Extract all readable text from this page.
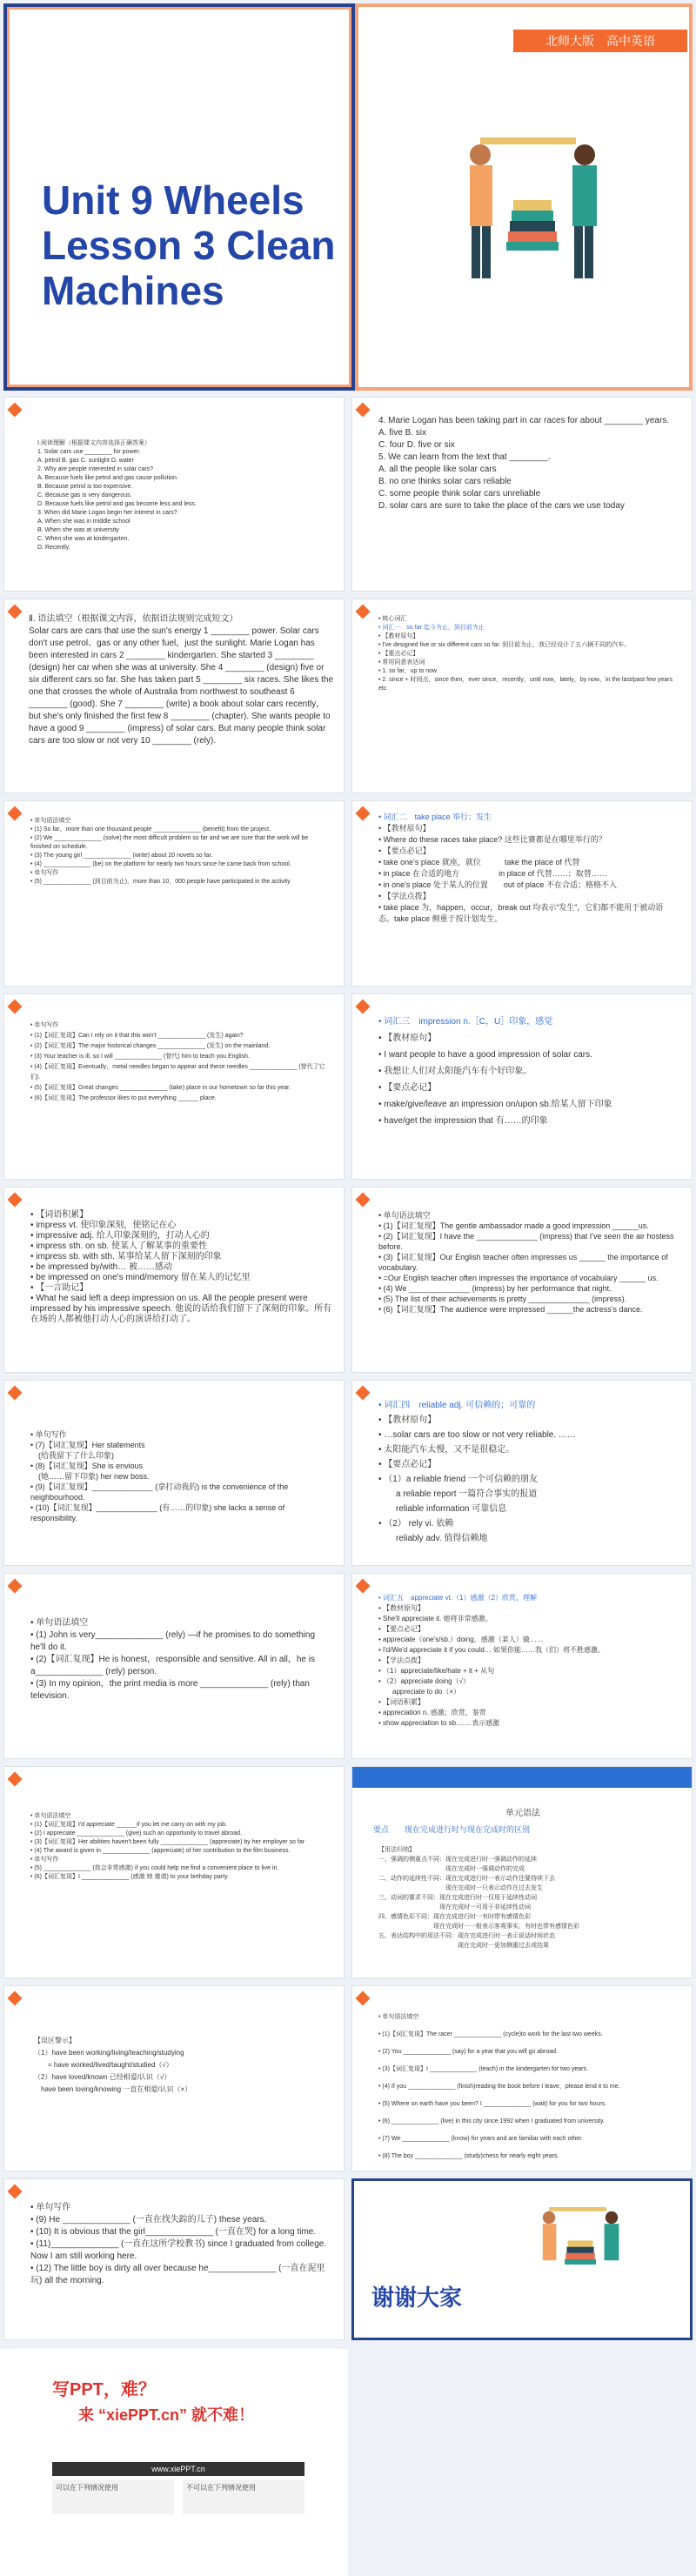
Unit 9 Wheels
Lesson 3 Clean
Machines
北师大版　高中英语
Ⅰ.阅读理解（根据课文内容选择正确答案）
1. Solar cars use ________ for power.
A. petrol B. gas C. sunlight D. water
2. Why are people interested in solar cars?
A. Because fuels like petrol and gas cause pollution.
B. Because petrol is too expensive.
C. Because gas is very dangerous.
D. Because fuels like petrol and gas become less and less.
3. When did Marie Logan begin her interest in cars?
A. When she was in middle school
B. When she was at university
C. When she was at kindergarten.
D. Recently.
4. Marie Logan has been taking part in car races for about ________ years.
A. five B. six
C. four D. five or six
5. We can learn from the text that ________.
A. all the people like solar cars
B. no one thinks solar cars reliable
C. some people think solar cars unreliable
D. solar cars are sure to take the place of the cars we use today
Ⅱ. 语法填空（根据课文内容，依据语法规则完成短文）
Solar cars are cars that use the sun's energy 1 ________ power. Solar cars don't use petrol、gas or any other fuel，just the sunlight. Marie Logan has been interested in cars 2 ________ kindergarten. She started 3 ________ (design) her car when she was at university. She 4 ________ (design) five or six different cars so far. She has taken part 5 ________ six races. She likes the one that crosses the whole of Australia from northwest to southeast 6 ________ (good). She 7 ________ (write) a book about solar cars recently，but she's only finished the first few 8 ________ (chapter). She wants people to have a good 9 ________ (impress) of solar cars. But many people think solar cars are too slow or not very 10 ________ (rely).
• 核心词汇
• 词汇一　so far 迄今为止，到目前为止
• 【教材原句】
• I've designed five or six different cars so far. 到目前为止，我已经设计了五六辆不同的汽车。
• 【要点必记】
• 常用同意表达词
• 1. so far，up to now
• 2. since + 时间点，since then，ever since，recently，until now，lately，by now，in the last/past few years etc
• 单句语法填空
• (1) So far，more than one thousand people ______________ (benefit) from the project.
• (2) We ______________ (solve) the most difficult problem so far and we are sure that the work will be finished on schedule.
• (3) The young girl ______________ (write) about 20 novels so far.
• (4) ______________ (be) on the platform for nearly two hours since he came back from school.
• 单句写作
• (5) ______________ (到目前为止)，more than 10，000 people have participated in the activity
• 词汇二　take place 举行；发生
• 【教材原句】
• Where do these races take place? 这些比赛都是在哪里举行的？
• 【要点必记】
• take one's place 就座，就位　　　take the place of 代替
• in place 在合适的地方　　　　　in place of 代替……；取替……
• in one's place 处于某人的位置　　out of place 不在合适；格格不入
• 【学法点拨】
• take place 为，happen，occur，break out 均表示“发生”，它们都不能用于被动语态。take place 侧重于按计划发生。
• 单句写作
• (1)【词汇复现】Can I rely on it that this won't ______________ (发生) again?
• (2)【词汇复现】The major historical changes ______________ (发生) on the mainland.
• (3) Your teacher is ill, so I will ______________ (替代) him to teach you English.
• (4)【词汇复现】Eventually，metal needles began to appear and these needles ______________ (替代了它们).
• (5)【词汇复现】Great changes ______________ (take) place in our hometown so far this year.
• (6)【词汇复现】The professor likes to put everything ______ place.
• 词汇三　impression n.［C，U］印象，感觉
• 【教材原句】
• I want people to have a good impression of solar cars.
• 我想让人们对太阳能汽车有个好印象。
• 【要点必记】
• make/give/leave an impression on/upon sb.给某人留下印象
• have/get the impression that 有……的印象
• 【词语积累】
• impress vt. 使印象深刻，使铭记在心
• impressive adj. 给人印象深刻的，打动人心的
• impress sth. on sb. 使某人了解某事的重要性
• impress sb. with sth. 某事给某人留下深刻的印象
• be impressed by/with… 被……感动
• be impressed on one's mind/memory 留在某人的记忆里
• 【一言助记】
• What he said left a deep impression on us. All the people present were impressed by his impressive speech. 他说的话给我们留下了深刻的印象。所有在场的人都被他打动人心的演讲给打动了。
• 单句语法填空
• (1)【词汇复现】The gentle ambassador made a good impression ______us.
• (2)【词汇复现】I have the ______________ (impress) that I've seen the air hostess before.
• (3)【词汇复现】Our English teacher often impresses us ______ the importance of vocabulary.
• =Our English teacher often impresses the importance of vocabulary ______ us.
• (4) We ______________ (impress) by her performance that night.
• (5) The list of their achievements is pretty ______________ (impress).
• (6)【词汇复现】The audience were impressed ______the actress's dance.
• 单句写作
• (7)【词汇复现】Her statements
　(给我留下了什么印象)
• (8)【词汇复现】She is envious
　(她……留下印象) her new boss.
• (9)【词汇复现】______________ (拿打动我的) is the convenience of the neighbourhood.
• (10)【词汇复现】______________ (有……的印象) she lacks a sense of responsibility.
• 词汇四　reliable adj. 可信赖的；可靠的
• 【教材原句】
• …solar cars are too slow or not very reliable. ……
• 太阳能汽车太慢，又不是很稳定。
• 【要点必记】
• （1）a reliable friend 一个可信赖的朋友
　　a reliable report 一篇符合事实的报道
　　reliable information 可靠信息
• （2） rely vi. 依赖
　　reliably adv. 值得信赖地
• 单句语法填空
• (1) John is very______________ (rely) —if he promises to do something he'll do it.
• (2)【词汇复现】He is honest，responsible and sensitive. All in all，he is a______________ (rely) person.
• (3) In my opinion，the print media is more ______________ (rely) than television.
• 词汇五　appreciate vt.（1）感激（2）欣赏，理解
• 【教材原句】
• She'll appreciate it. 她将非常感激。
• 【要点必记】
• appreciate（one's/sb.）doing，感激（某人）做……
• I'd/We'd appreciate it if you could… 如果你能……我（们）将不胜感激。
• 【学法点拨】
• （1）appreciate/like/hate + it + 从句
• （2）appreciate doing（√）
　　appreciate to do（×）
• 【词语积累】
• appreciation n. 感激；欣赏，鉴赏
• show appreciation to sb.……表示感激
• 单句语法填空
• (1)【词汇复现】I'd appreciate ______if you let me carry on with my job.
• (2) I appreciate ______________ (give) such an opportunity to travel abroad.
• (3)【词汇复现】Her abilities haven't been fully ______________ (appreciate) by her employer so far
• (4) The award is given in ______________ (appreciate) of her contribution to the film business.
• 单句写作
• (5) ______________ (我会非常感激) if you could help me find a convenient place to live in.
• (6)【词汇复现】I ______________ (感激 她 邀请) to your birthday party.
单元语法
要点　　现在完成进行时与现在完成时的区别
【用法归纳】
一、强调的侧重点不同：现在完成进行时一强调动作的延续
　　　　　　　　　　　现在完成时一强调动作的完成
二、动作的延续性不同：现在完成进行时一表示动作还要持续下去
　　　　　　　　　　　现在完成时一只表示动作在过去发生
三、动词的要求不同：现在完成进行时一仅用于延续性动词
　　　　　　　　　　现在完成时一可用于非延续性动词
四、感情色彩不同：现在完成进行时一有时带有感情色彩
　　　　　　　　　现在完成时一一般表示客观事实，有时也带有感情色彩
五、表达结构中的用法不同：现在完成进行时一表示说话时间状态
　　　　　　　　　　　　　现在完成时一更加侧重过去或结果
【误区警示】
（1）have been working/living/teaching/studying
　　= have worked/lived/taught/studied（√）
（2）have loved/known 已经相爱/认识（√）
　have been loving/knowing 一直在相爱/认识（×）
• 单句语法填空
• (1)【词汇复现】The racer ______________ (cycle)to work for the last two weeks.
• (2) You ______________ (say) for a year that you will go abroad.
• (3)【词汇复现】I ______________ (teach) in the kindergarten for two years.
• (4) If you ______________ (finish)reading the book before I leave，please lend it to me.
• (5) Where on earth have you been? I ______________ (wait) for you for two hours.
• (6) ______________ (live) in this city since 1992 when I graduated from university.
• (7) We ______________ (know) for years and are familiar with each other.
• (8) The boy ______________ (study)chess for nearly eight years.
• 单句写作
• (9) He ______________ (一直在找失踪的儿子) these years.
• (10) It is obvious that the girl______________ (一直在哭) for a long time.
• (11)______________ (一直在这所学校教书) since I graduated from college. Now I am still working here.
• (12) The little boy is dirty all over because he______________ (一直在泥里玩) all the morning.
谢谢大家
写PPT，难？
来 “xiePPT.cn” 就不难！
www.xiePPT.cn
可以在下列情况使用	不可以在下列情况使用
